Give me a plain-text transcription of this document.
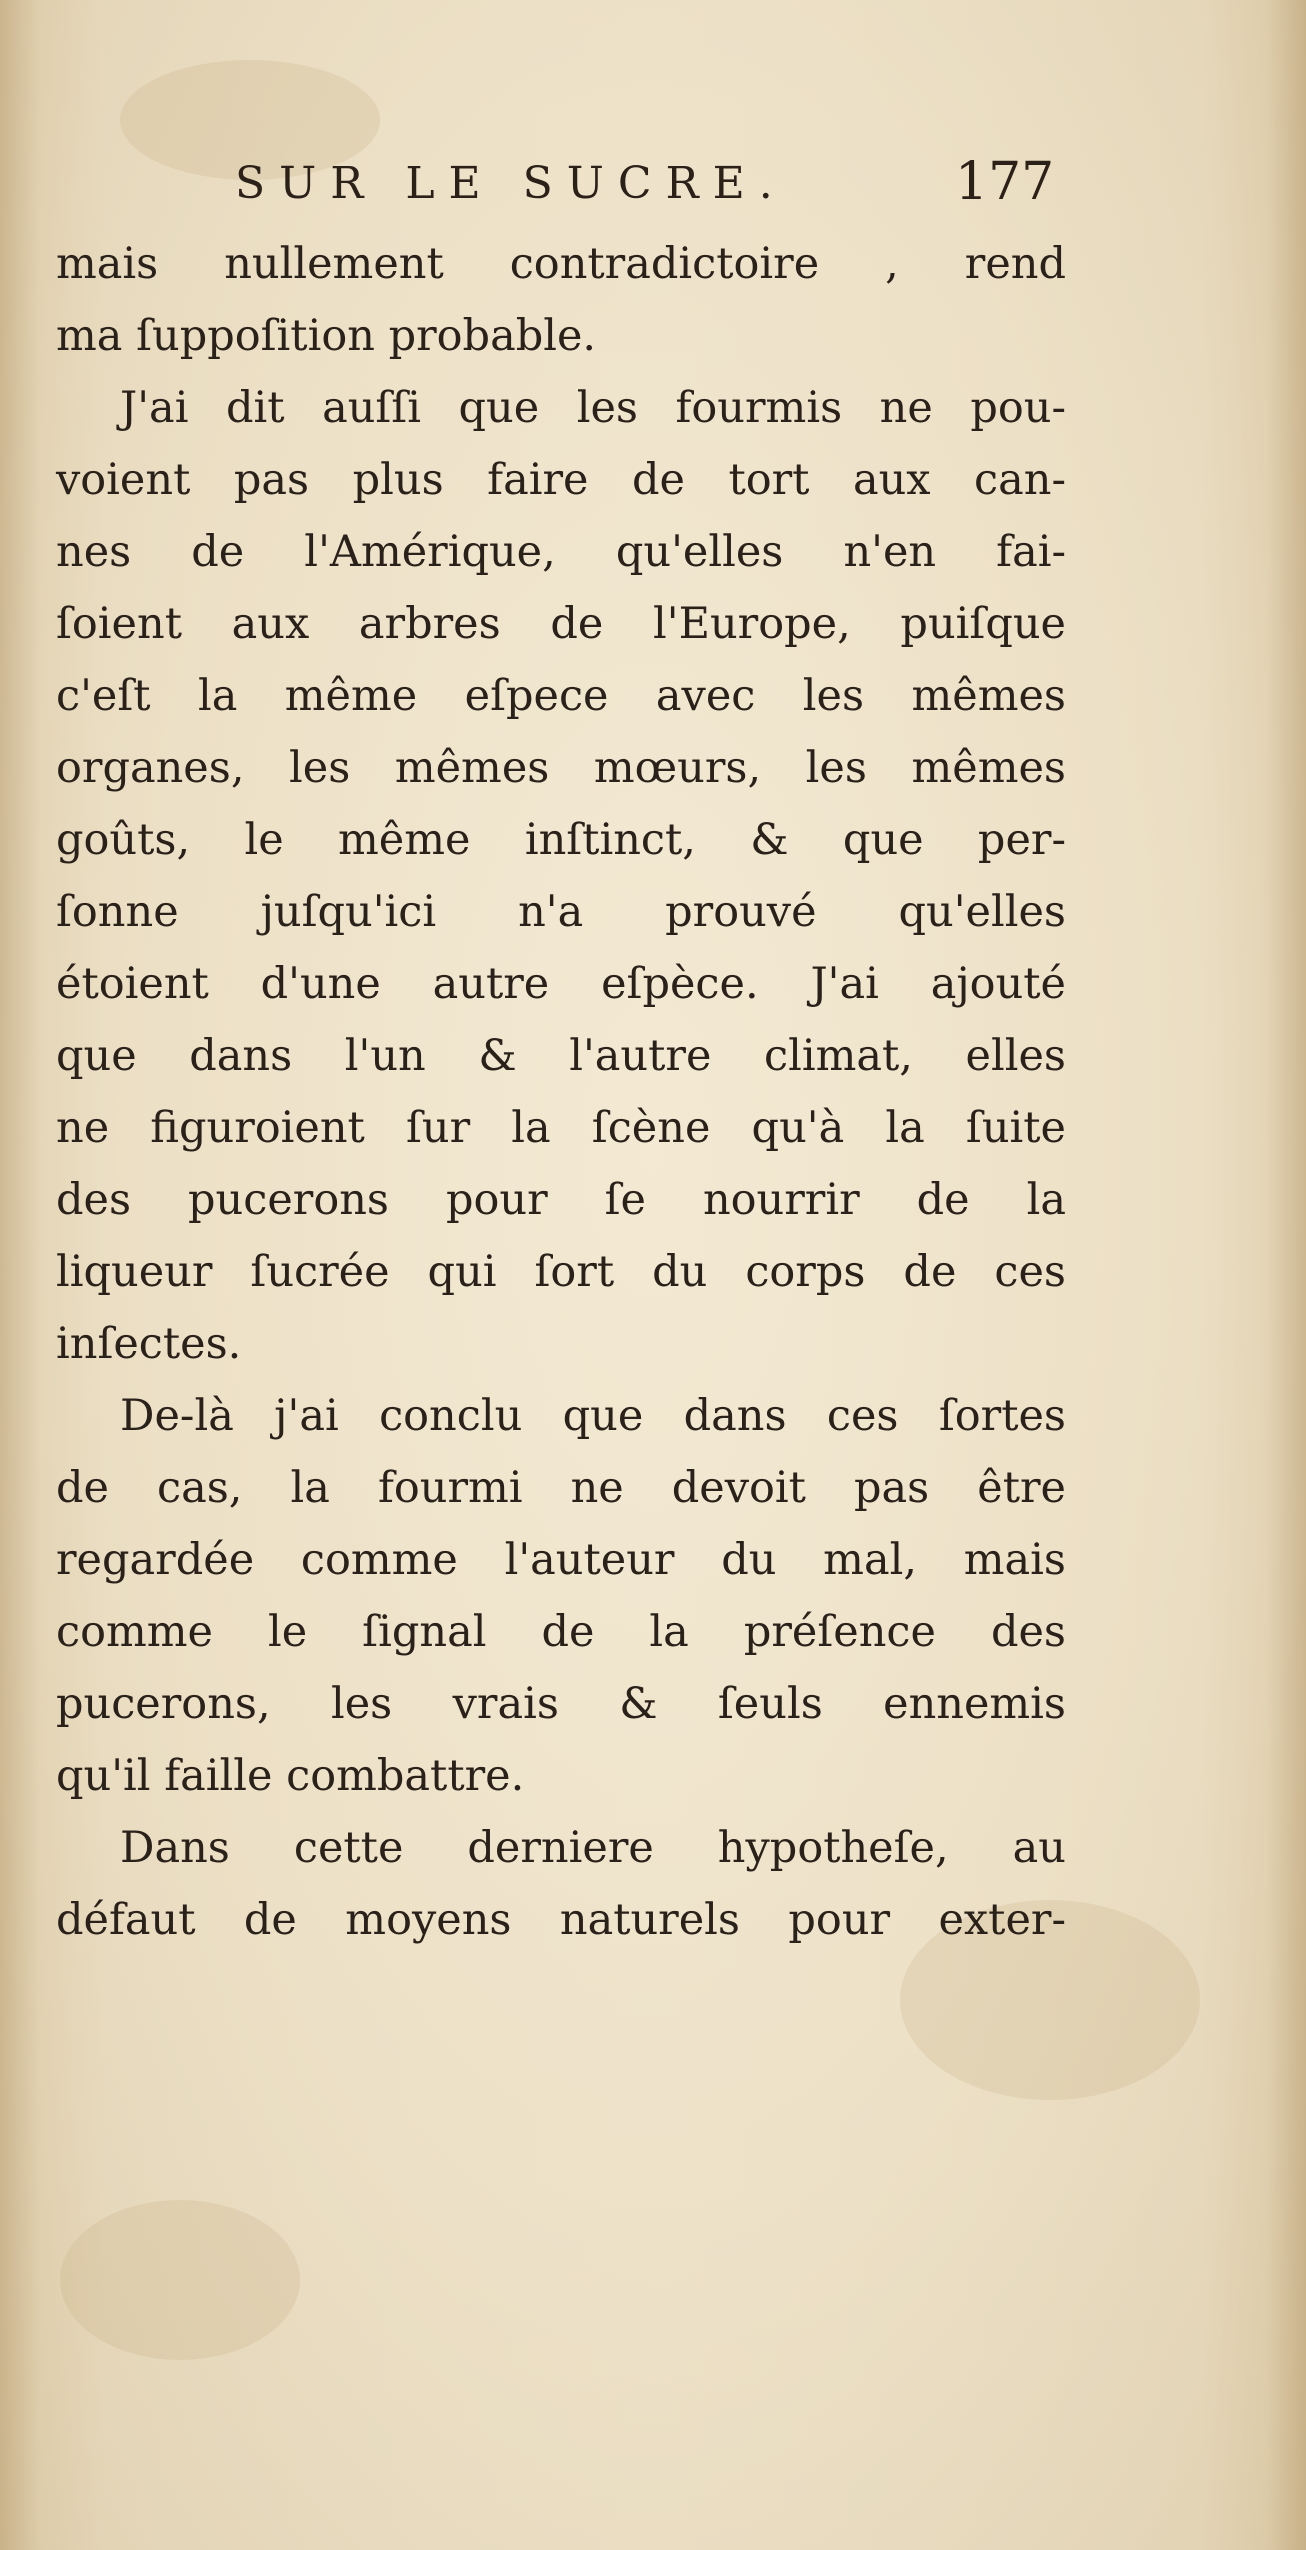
SUR LE SUCRE.	177
mais nullement contradictoire , rend
ma ſuppoſition probable.
J'ai dit auſſi que les fourmis ne pou-
voient pas plus faire de tort aux can-
nes de l'Amérique, qu'elles n'en fai-
ſoient aux arbres de l'Europe, puiſque
c'eſt la même eſpece avec les mêmes
organes, les mêmes mœurs, les mêmes
goûts, le même inſtinct, & que per-
ſonne juſqu'ici n'a prouvé qu'elles
étoient d'une autre eſpèce. J'ai ajouté
que dans l'un & l'autre climat, elles
ne figuroient ſur la ſcène qu'à la ſuite
des pucerons pour ſe nourrir de la
liqueur ſucrée qui ſort du corps de ces
inſectes.
De-là j'ai conclu que dans ces ſortes
de cas, la fourmi ne devoit pas être
regardée comme l'auteur du mal, mais
comme le ſignal de la préſence des
pucerons, les vrais & ſeuls ennemis
qu'il faille combattre.
Dans cette derniere hypotheſe, au
défaut de moyens naturels pour exter-
